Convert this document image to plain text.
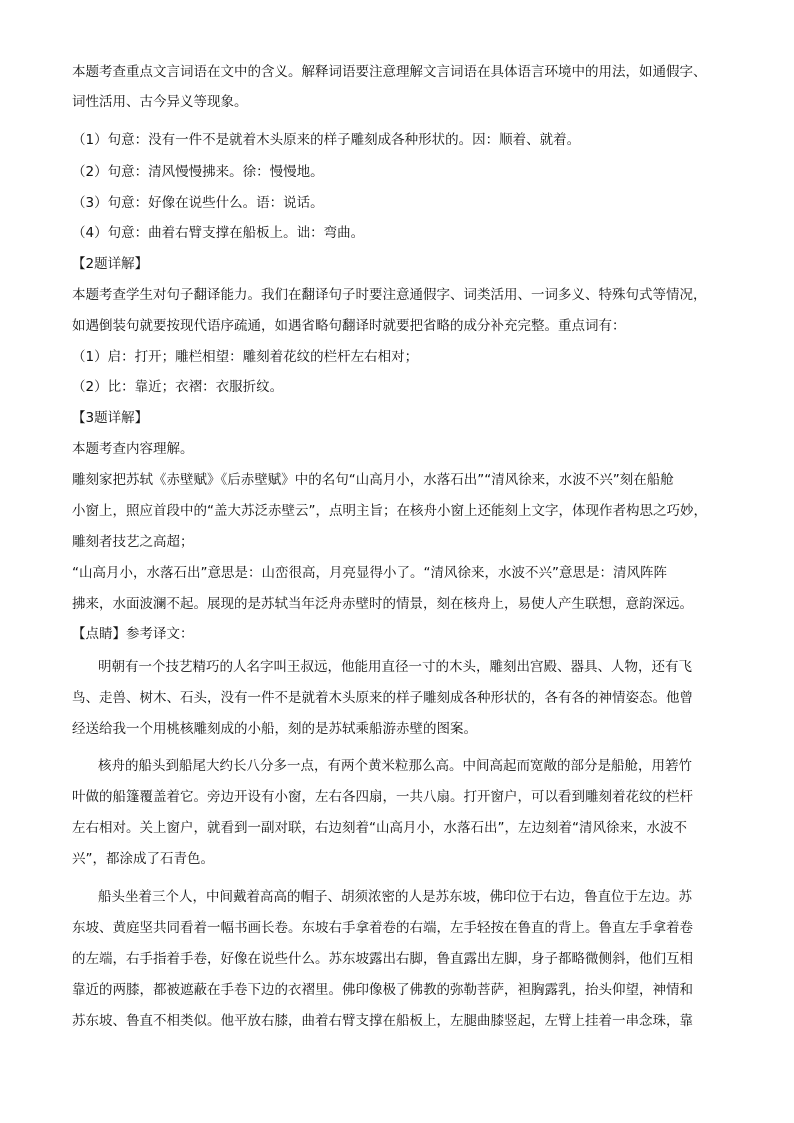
本题考查重点文言词语在文中的含义。解释词语要注意理解文言词语在具体语言环境中的用法，如通假字、
词性活用、古今异义等现象。
（1）句意：没有一件不是就着木头原来的样子雕刻成各种形状的。因：顺着、就着。
（2）句意：清风慢慢拂来。徐：慢慢地。
（3）句意：好像在说些什么。语：说话。
（4）句意：曲着右臂支撑在船板上。诎：弯曲。
【2题详解】
本题考查学生对句子翻译能力。我们在翻译句子时要注意通假字、词类活用、一词多义、特殊句式等情况，
如遇倒装句就要按现代语序疏通，如遇省略句翻译时就要把省略的成分补充完整。重点词有：
（1）启：打开；雕栏相望：雕刻着花纹的栏杆左右相对；
（2）比：靠近；衣褶：衣服折纹。
【3题详解】
本题考查内容理解。
雕刻家把苏轼《赤壁赋》《后赤壁赋》中的名句“山高月小，水落石出”“清风徐来，水波不兴”刻在船舱
小窗上，照应首段中的“盖大苏泛赤壁云”，点明主旨；在核舟小窗上还能刻上文字，体现作者构思之巧妙，
雕刻者技艺之高超；
“山高月小，水落石出”意思是：山峦很高，月亮显得小了。“清风徐来，水波不兴”意思是：清风阵阵
拂来，水面波澜不起。展现的是苏轼当年泛舟赤壁时的情景，刻在核舟上，易使人产生联想，意韵深远。
【点睛】参考译文：
明朝有一个技艺精巧的人名字叫王叔远，他能用直径一寸的木头，雕刻出宫殿、器具、人物，还有飞
鸟、走兽、树木、石头，没有一件不是就着木头原来的样子雕刻成各种形状的，各有各的神情姿态。他曾
经送给我一个用桃核雕刻成的小船，刻的是苏轼乘船游赤壁的图案。
核舟的船头到船尾大约长八分多一点，有两个黄米粒那么高。中间高起而宽敞的部分是船舱，用箬竹
叶做的船篷覆盖着它。旁边开设有小窗，左右各四扇，一共八扇。打开窗户，可以看到雕刻着花纹的栏杆
左右相对。关上窗户，就看到一副对联，右边刻着“山高月小，水落石出”，左边刻着“清风徐来，水波不
兴”，都涂成了石青色。
船头坐着三个人，中间戴着高高的帽子、胡须浓密的人是苏东坡，佛印位于右边，鲁直位于左边。苏
东坡、黄庭坚共同看着一幅书画长卷。东坡右手拿着卷的右端，左手轻按在鲁直的背上。鲁直左手拿着卷
的左端，右手指着手卷，好像在说些什么。苏东坡露出右脚，鲁直露出左脚，身子都略微侧斜，他们互相
靠近的两膝，都被遮蔽在手卷下边的衣褶里。佛印像极了佛教的弥勒菩萨，袒胸露乳，抬头仰望，神情和
苏东坡、鲁直不相类似。他平放右膝，曲着右臂支撑在船板上，左腿曲膝竖起，左臂上挂着一串念珠，靠
